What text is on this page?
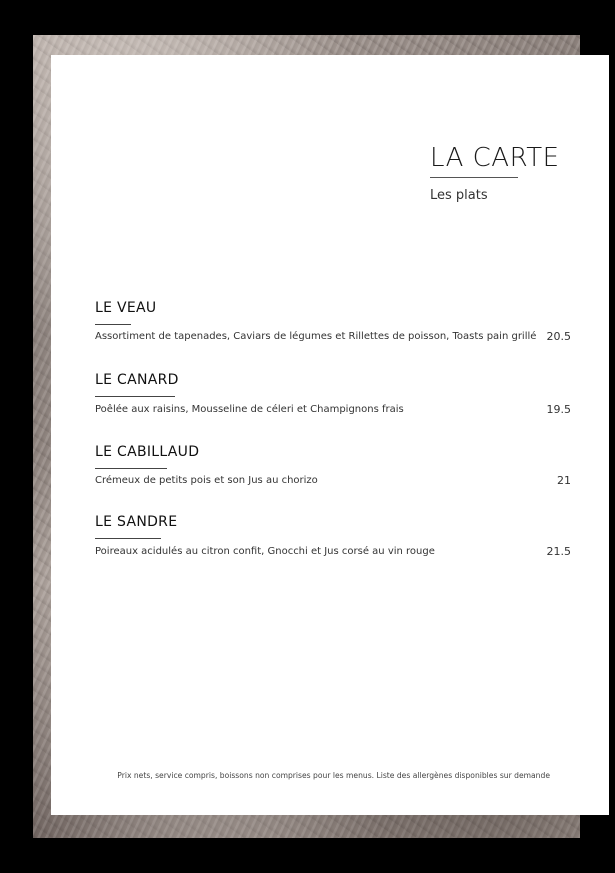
LA CARTE
Les plats
LE VEAU
Assortiment de tapenades, Caviars de légumes et Rillettes de poisson, Toasts pain grillé 20.5
LE CANARD
Poêlée aux raisins, Mousseline de céleri et Champignons frais	19.5
LE CABILLAUD
Crémeux de petits pois et son Jus au chorizo	21
LE SANDRE
Poireaux acidulés au citron confit, Gnocchi et Jus corsé au vin rouge	21.5
Prix nets, service compris, boissons non comprises pour les menus. Liste des allergènes disponibles sur demande
